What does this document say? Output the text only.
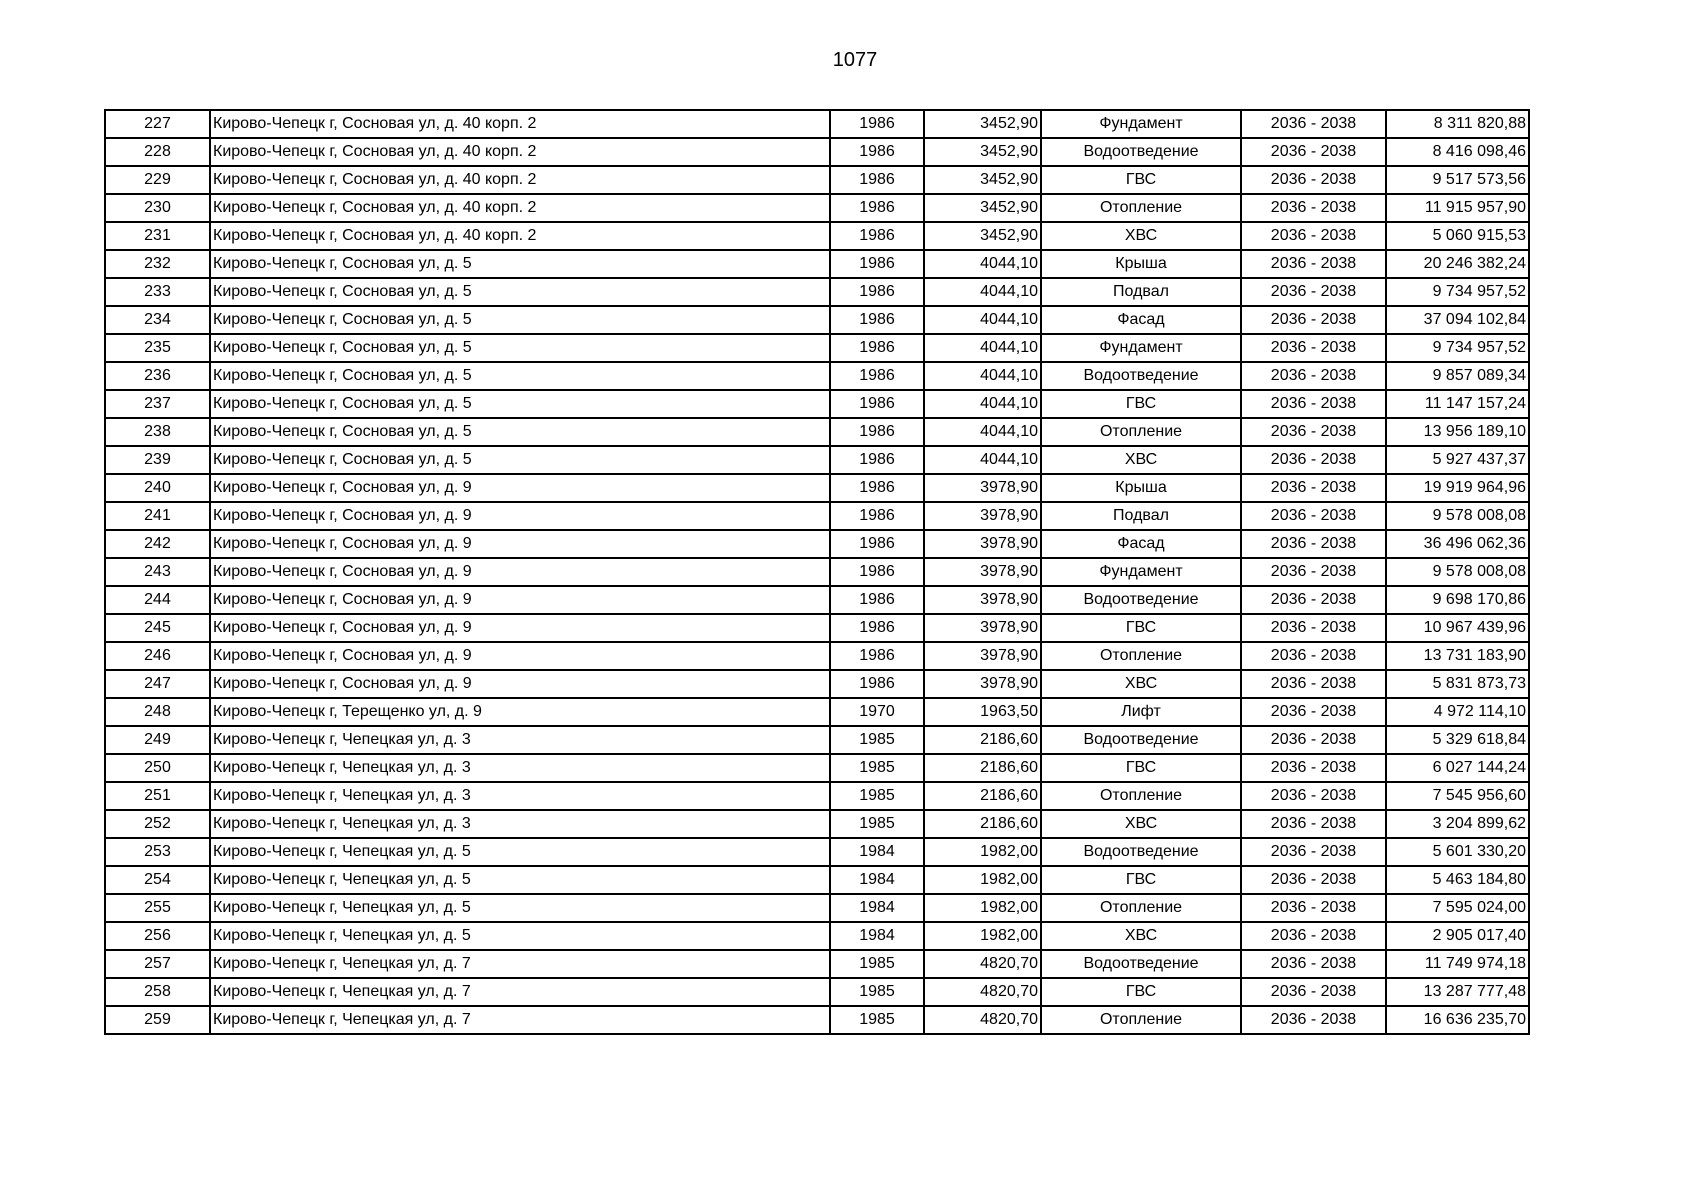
1077
227	Кирово-Чепецк г, Сосновая ул, д. 40 корп. 2	1986	3452,90	Фундамент	2036 - 2038	8 311 820,88
228	Кирово-Чепецк г, Сосновая ул, д. 40 корп. 2	1986	3452,90	Водоотведение	2036 - 2038	8 416 098,46
229	Кирово-Чепецк г, Сосновая ул, д. 40 корп. 2	1986	3452,90	ГВС	2036 - 2038	9 517 573,56
230	Кирово-Чепецк г, Сосновая ул, д. 40 корп. 2	1986	3452,90	Отопление	2036 - 2038	11 915 957,90
231	Кирово-Чепецк г, Сосновая ул, д. 40 корп. 2	1986	3452,90	ХВС	2036 - 2038	5 060 915,53
232	Кирово-Чепецк г, Сосновая ул, д. 5	1986	4044,10	Крыша	2036 - 2038	20 246 382,24
233	Кирово-Чепецк г, Сосновая ул, д. 5	1986	4044,10	Подвал	2036 - 2038	9 734 957,52
234	Кирово-Чепецк г, Сосновая ул, д. 5	1986	4044,10	Фасад	2036 - 2038	37 094 102,84
235	Кирово-Чепецк г, Сосновая ул, д. 5	1986	4044,10	Фундамент	2036 - 2038	9 734 957,52
236	Кирово-Чепецк г, Сосновая ул, д. 5	1986	4044,10	Водоотведение	2036 - 2038	9 857 089,34
237	Кирово-Чепецк г, Сосновая ул, д. 5	1986	4044,10	ГВС	2036 - 2038	11 147 157,24
238	Кирово-Чепецк г, Сосновая ул, д. 5	1986	4044,10	Отопление	2036 - 2038	13 956 189,10
239	Кирово-Чепецк г, Сосновая ул, д. 5	1986	4044,10	ХВС	2036 - 2038	5 927 437,37
240	Кирово-Чепецк г, Сосновая ул, д. 9	1986	3978,90	Крыша	2036 - 2038	19 919 964,96
241	Кирово-Чепецк г, Сосновая ул, д. 9	1986	3978,90	Подвал	2036 - 2038	9 578 008,08
242	Кирово-Чепецк г, Сосновая ул, д. 9	1986	3978,90	Фасад	2036 - 2038	36 496 062,36
243	Кирово-Чепецк г, Сосновая ул, д. 9	1986	3978,90	Фундамент	2036 - 2038	9 578 008,08
244	Кирово-Чепецк г, Сосновая ул, д. 9	1986	3978,90	Водоотведение	2036 - 2038	9 698 170,86
245	Кирово-Чепецк г, Сосновая ул, д. 9	1986	3978,90	ГВС	2036 - 2038	10 967 439,96
246	Кирово-Чепецк г, Сосновая ул, д. 9	1986	3978,90	Отопление	2036 - 2038	13 731 183,90
247	Кирово-Чепецк г, Сосновая ул, д. 9	1986	3978,90	ХВС	2036 - 2038	5 831 873,73
248	Кирово-Чепецк г, Терещенко ул, д. 9	1970	1963,50	Лифт	2036 - 2038	4 972 114,10
249	Кирово-Чепецк г, Чепецкая ул, д. 3	1985	2186,60	Водоотведение	2036 - 2038	5 329 618,84
250	Кирово-Чепецк г, Чепецкая ул, д. 3	1985	2186,60	ГВС	2036 - 2038	6 027 144,24
251	Кирово-Чепецк г, Чепецкая ул, д. 3	1985	2186,60	Отопление	2036 - 2038	7 545 956,60
252	Кирово-Чепецк г, Чепецкая ул, д. 3	1985	2186,60	ХВС	2036 - 2038	3 204 899,62
253	Кирово-Чепецк г, Чепецкая ул, д. 5	1984	1982,00	Водоотведение	2036 - 2038	5 601 330,20
254	Кирово-Чепецк г, Чепецкая ул, д. 5	1984	1982,00	ГВС	2036 - 2038	5 463 184,80
255	Кирово-Чепецк г, Чепецкая ул, д. 5	1984	1982,00	Отопление	2036 - 2038	7 595 024,00
256	Кирово-Чепецк г, Чепецкая ул, д. 5	1984	1982,00	ХВС	2036 - 2038	2 905 017,40
257	Кирово-Чепецк г, Чепецкая ул, д. 7	1985	4820,70	Водоотведение	2036 - 2038	11 749 974,18
258	Кирово-Чепецк г, Чепецкая ул, д. 7	1985	4820,70	ГВС	2036 - 2038	13 287 777,48
259	Кирово-Чепецк г, Чепецкая ул, д. 7	1985	4820,70	Отопление	2036 - 2038	16 636 235,70
